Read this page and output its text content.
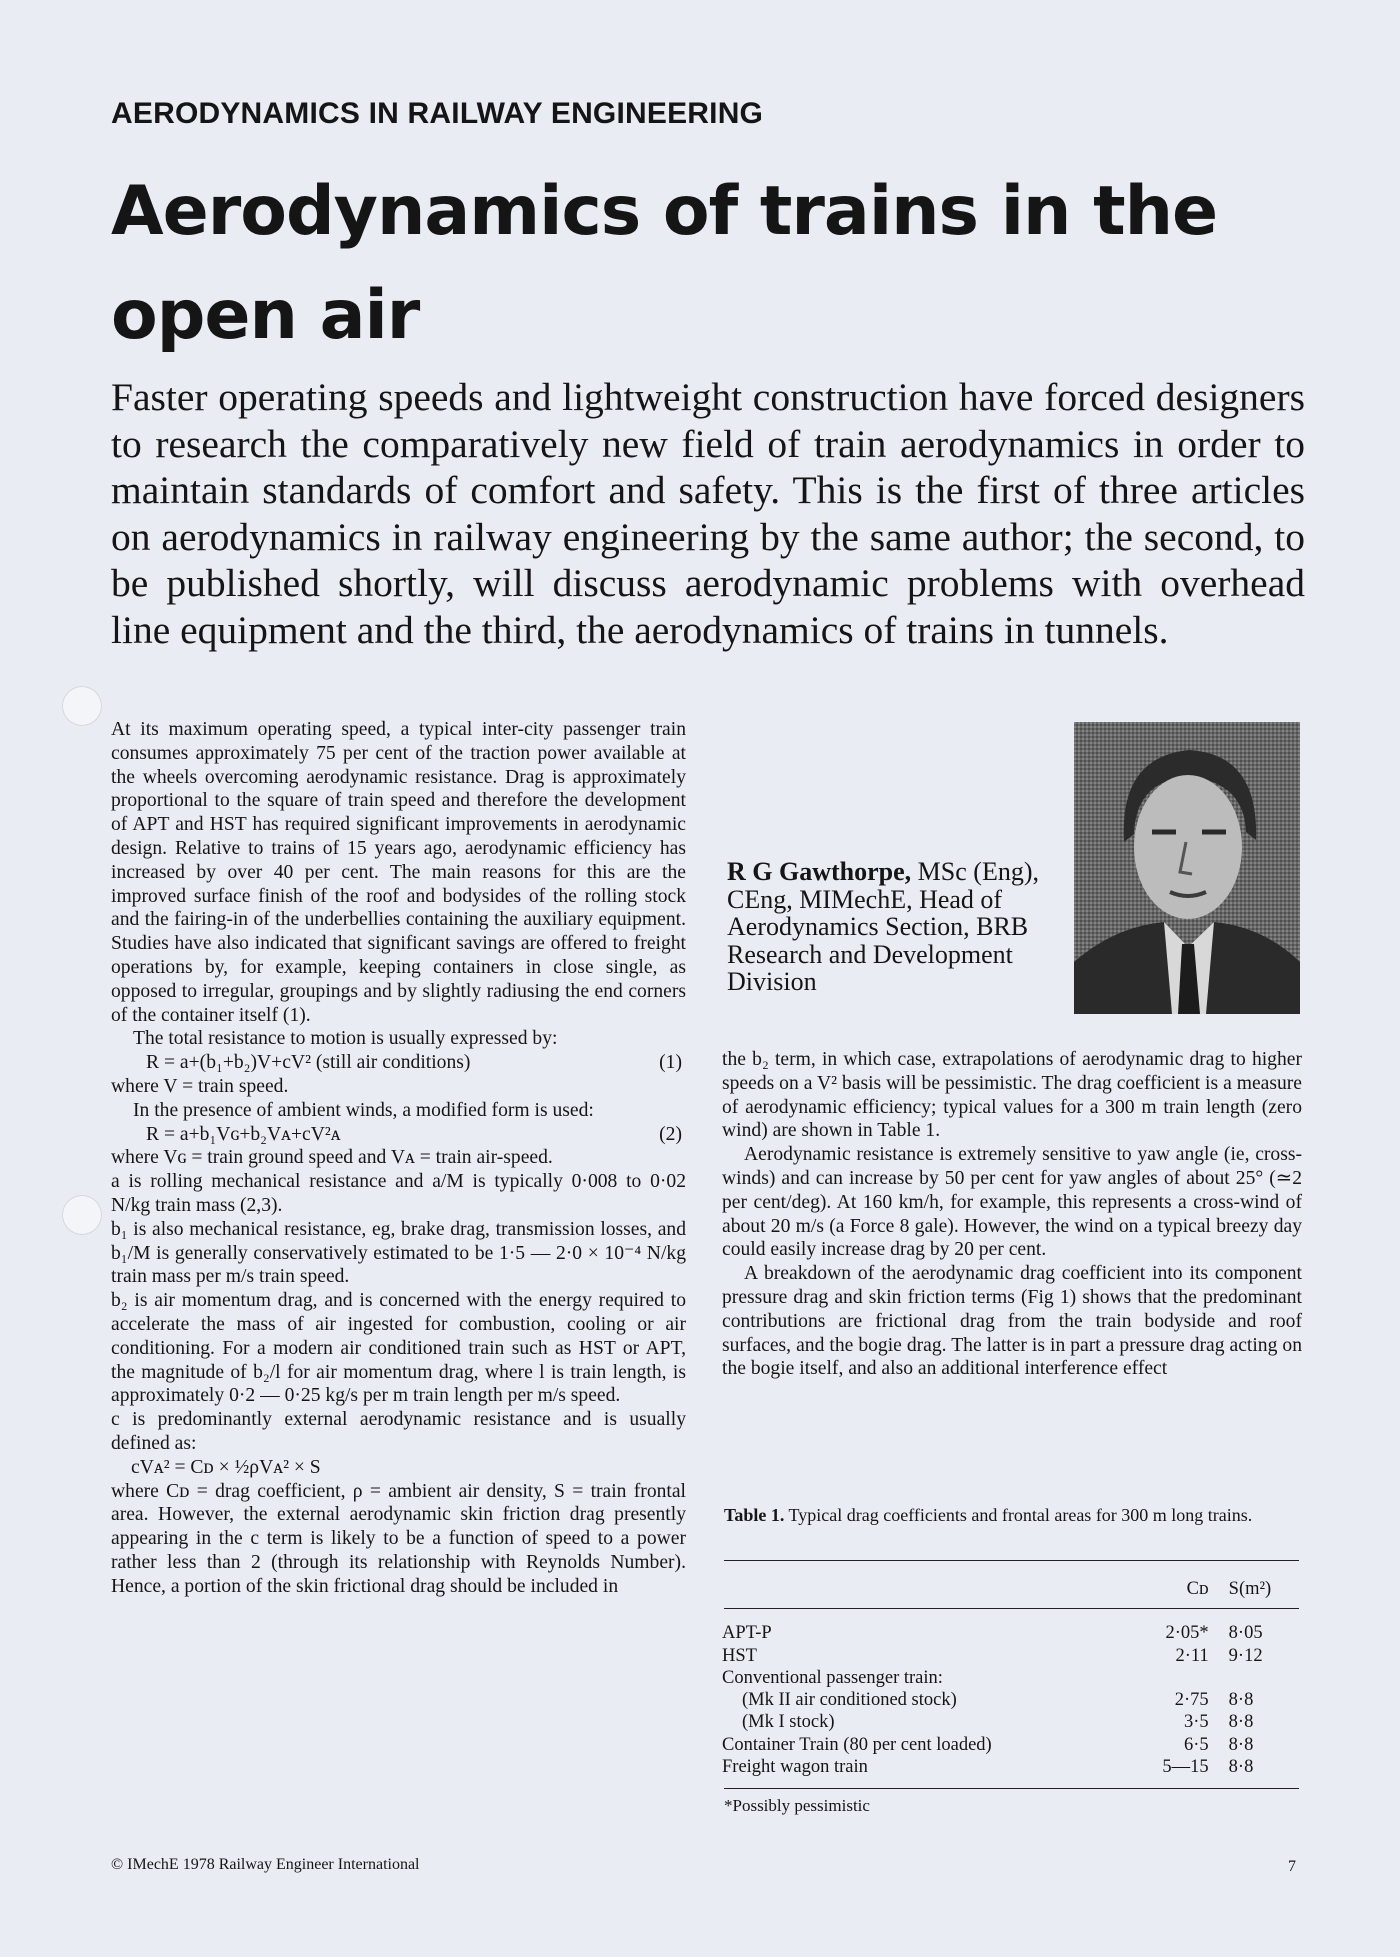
AERODYNAMICS IN RAILWAY ENGINEERING
Aerodynamics of trains in the open air

Faster operating speeds and lightweight construction have forced designers to research the comparatively new field of train aerodynamics in order to maintain standards of comfort and safety. This is the first of three articles on aerodynamics in railway engineering by the same author; the second, to be published shortly, will discuss aerodynamic problems with overhead line equipment and the third, the aerodynamics of trains in tunnels.

At its maximum operating speed, a typical inter-city passenger train consumes approximately 75 per cent of the traction power available at the wheels overcoming aerodynamic resistance. Drag is approximately proportional to the square of train speed and therefore the development of APT and HST has required significant improvements in aerodynamic design. Relative to trains of 15 years ago, aerodynamic efficiency has increased by over 40 per cent. The main reasons for this are the improved surface finish of the roof and bodysides of the rolling stock and the fairing-in of the underbellies containing the auxiliary equipment. Studies have also indicated that significant savings are offered to freight operations by, for example, keeping containers in close single, as opposed to irregular, groupings and by slightly radiusing the end corners of the container itself (1).

The total resistance to motion is usually expressed by:

R = a+(b₁+b₂)V+cV² (still air conditions)	(1)

where V = train speed.

In the presence of ambient winds, a modified form is used:

R = a+b₁Vɢ+b₂Vᴀ+cV²ᴀ	(2)

where Vɢ = train ground speed and Vᴀ = train air-speed.

a is rolling mechanical resistance and a/M is typically 0·008 to 0·02 N/kg train mass (2,3).

b₁ is also mechanical resistance, eg, brake drag, transmission losses, and b₁/M is generally conservatively estimated to be 1·5 — 2·0 × 10⁻⁴ N/kg train mass per m/s train speed.

b₂ is air momentum drag, and is concerned with the energy required to accelerate the mass of air ingested for combustion, cooling or air conditioning. For a modern air conditioned train such as HST or APT, the magnitude of b₂/l for air momentum drag, where l is train length, is approximately 0·2 — 0·25 kg/s per m train length per m/s speed.

c is predominantly external aerodynamic resistance and is usually defined as:

cVᴀ² = Cᴅ × ½ρVᴀ² × S

where Cᴅ = drag coefficient, ρ = ambient air density, S = train frontal area. However, the external aerodynamic skin friction drag presently appearing in the c term is likely to be a function of speed to a power rather less than 2 (through its relationship with Reynolds Number). Hence, a portion of the skin frictional drag should be included in

R G Gawthorpe, MSc (Eng), CEng, MIMechE, Head of Aerodynamics Section, BRB Research and Development Division

the b₂ term, in which case, extrapolations of aerodynamic drag to higher speeds on a V² basis will be pessimistic. The drag coefficient is a measure of aerodynamic efficiency; typical values for a 300 m train length (zero wind) are shown in Table 1.

Aerodynamic resistance is extremely sensitive to yaw angle (ie, cross-winds) and can increase by 50 per cent for yaw angles of about 25° (≃2 per cent/deg). At 160 km/h, for example, this represents a cross-wind of about 20 m/s (a Force 8 gale). However, the wind on a typical breezy day could easily increase drag by 20 per cent.

A breakdown of the aerodynamic drag coefficient into its component pressure drag and skin friction terms (Fig 1) shows that the predominant contributions are frictional drag from the train bodyside and roof surfaces, and the bogie drag. The latter is in part a pressure drag acting on the bogie itself, and also an additional interference effect

Table 1. Typical drag coefficients and frontal areas for 300 m long trains.
	Cᴅ	S(m²)

APT-P	2·05*	8·05
HST	2·11	9·12
Conventional passenger train:		
(Mk II air conditioned stock)	2·75	8·8
(Mk I stock)	3·5	8·8
Container Train (80 per cent loaded)	6·5	8·8
Freight wagon train	5—15	8·8
*Possibly pessimistic
© IMechE 1978 Railway Engineer International	7
